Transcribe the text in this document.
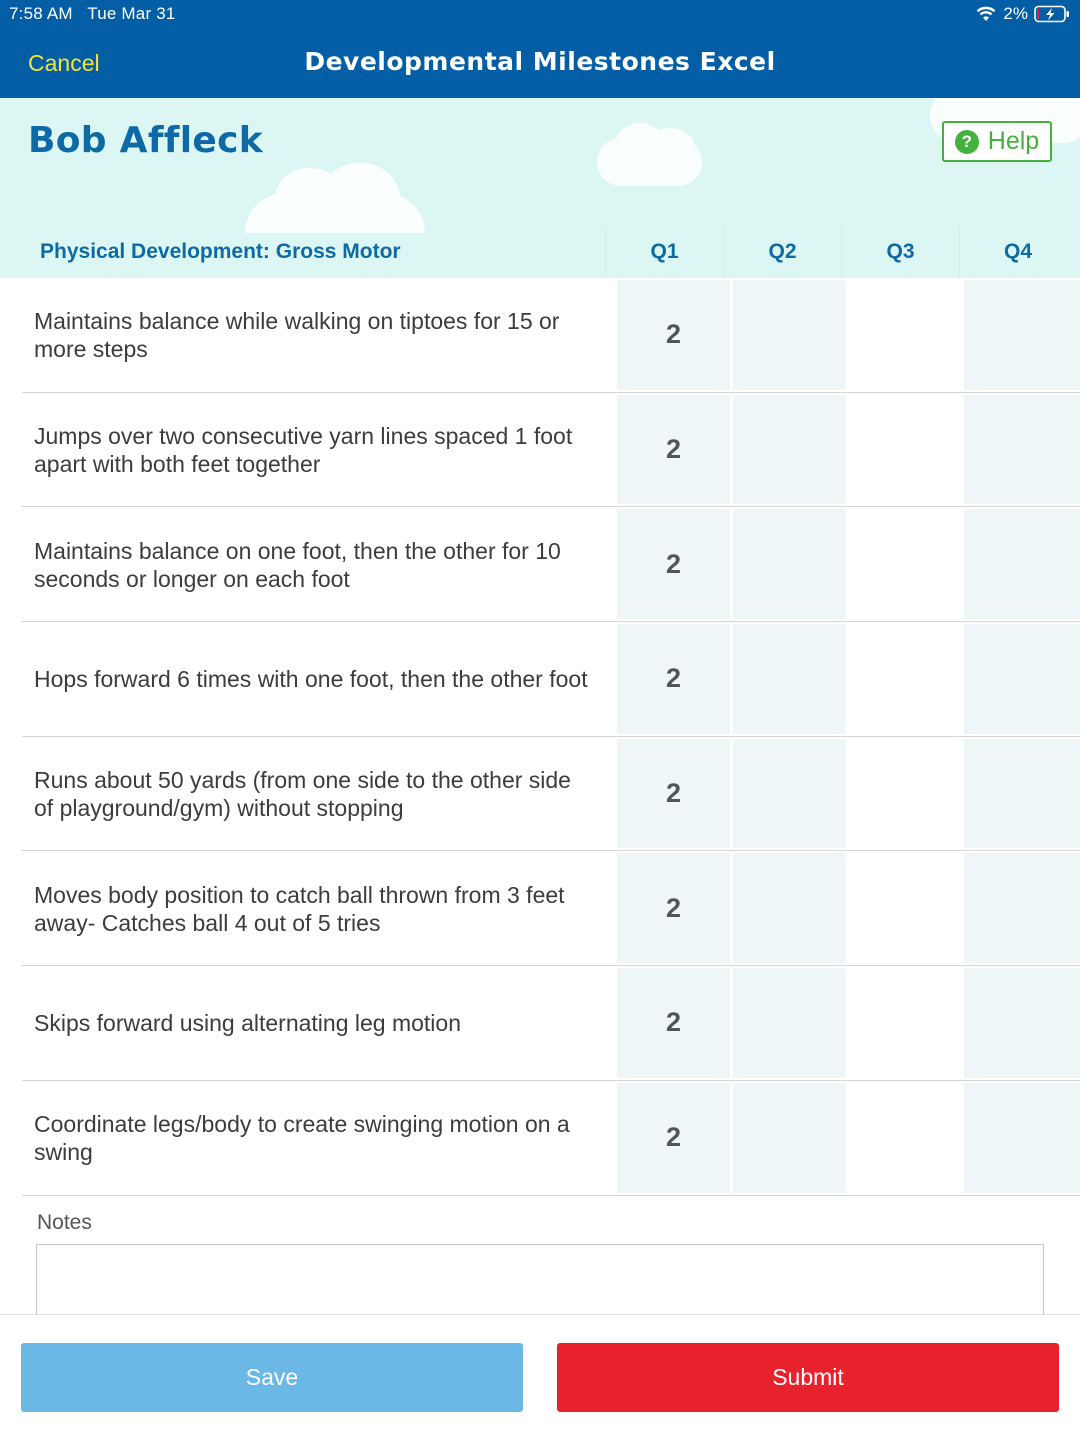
7:58 AM Tue Mar 31	2%
Cancel	Developmental Milestones Excel
Bob Affleck	? Help
Physical Development: Gross Motor	Q1	Q2	Q3	Q4
Maintains balance while walking on tiptoes for 15 or more steps	2
Jumps over two consecutive yarn lines spaced 1 foot apart with both feet together	2
Maintains balance on one foot, then the other for 10 seconds or longer on each foot	2
Hops forward 6 times with one foot, then the other foot	2
Runs about 50 yards (from one side to the other side of playground/gym) without stopping	2
Moves body position to catch ball thrown from 3 feet away- Catches ball 4 out of 5 tries	2
Skips forward using alternating leg motion	2
Coordinate legs/body to create swinging motion on a swing	2
Notes
Save	Submit
